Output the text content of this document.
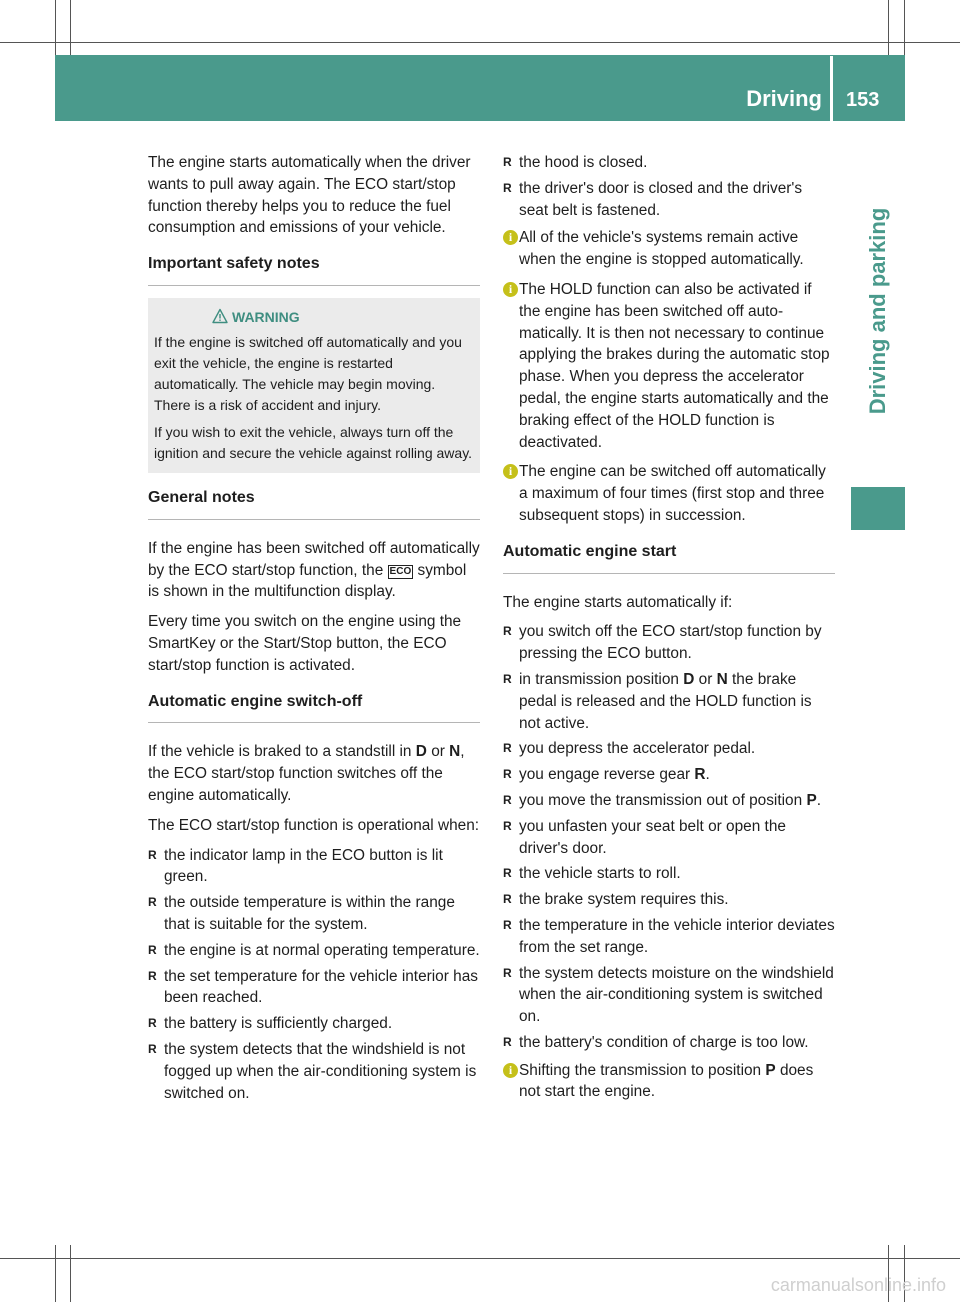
Driving 153
Driving and parking

The engine starts automatically when the driver wants to pull away again. The ECO start/stop function thereby helps you to reduce the fuel consumption and emissions of your vehicle.

Important safety notes
WARNING

If the engine is switched off automatically and you exit the vehicle, the engine is restarted automatically. The vehicle may begin moving. There is a risk of accident and injury.

If you wish to exit the vehicle, always turn off the ignition and secure the vehicle against rolling away.

General notes

If the engine has been switched off automatically by the ECO start/stop function, the ECO symbol is shown in the multifunction display.

Every time you switch on the engine using the SmartKey or the Start/Stop button, the ECO start/stop function is activated.

Automatic engine switch-off

If the vehicle is braked to a standstill in D or N, the ECO start/stop function switches off the engine automatically.

The ECO start/stop function is operational when:

R the indicator lamp in the ECO button is lit green.
R the outside temperature is within the range that is suitable for the system.
R the engine is at normal operating temperature.
R the set temperature for the vehicle interior has been reached.
R the battery is sufficiently charged.
R the system detects that the windshield is not fogged up when the air-conditioning system is switched on.
R the hood is closed.
R the driver's door is closed and the driver's seat belt is fastened.
i All of the vehicle's systems remain active when the engine is stopped automatically.
i The HOLD function can also be activated if the engine has been switched off automatically. It is then not necessary to continue applying the brakes during the automatic stop phase. When you depress the accelerator pedal, the engine starts automatically and the braking effect of the HOLD function is deactivated.
i The engine can be switched off automatically a maximum of four times (first stop and three subsequent stops) in succession.
Automatic engine start

The engine starts automatically if:

R you switch off the ECO start/stop function by pressing the ECO button.
R in transmission position D or N the brake pedal is released and the HOLD function is not active.
R you depress the accelerator pedal.
R you engage reverse gear R.
R you move the transmission out of position P.
R you unfasten your seat belt or open the driver's door.
R the vehicle starts to roll.
R the brake system requires this.
R the temperature in the vehicle interior deviates from the set range.
R the system detects moisture on the windshield when the air-conditioning system is switched on.
R the battery's condition of charge is too low.
i Shifting the transmission to position P does not start the engine.
carmanualsonline.info
